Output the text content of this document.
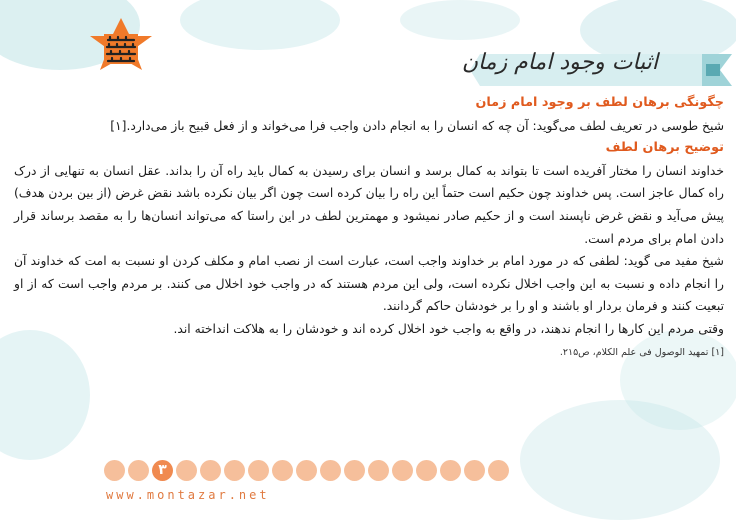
اثبات وجود امام زمان

چگونگی برهان لطف بر وجود امام زمان

شیخ طوسی در تعریف لطف می‌گوید: آن چه که انسان را به انجام دادن واجب فرا می‌خواند و از فعل قبیح باز می‌دارد.[۱]

توضیح برهان لطف

خداوند انسان را مختار آفریده است تا بتواند به کمال برسد و انسان برای رسیدن به کمال باید راه آن را بداند. عقل انسان به تنهایی از درک راه کمال عاجز است. پس خداوند چون حکیم است حتماً این راه را بیان کرده است چون اگر بیان نکرده باشد نقض غرض (از بین بردن هدف) پیش می‌آید و نقض غرض ناپسند است و از حکیم صادر نمیشود و مهمترین لطف در این راستا که می‌تواند انسان‌ها را به مقصد برساند قرار دادن امام برای مردم است.

شیخ مفید می گوید: لطفی که در مورد امام بر خداوند واجب است، عبارت است از نصب امام و مکلف کردن او نسبت به امت که خداوند آن را انجام داده و نسبت به این واجب اخلال نکرده است، ولی این مردم هستند که در واجب خود اخلال می کنند. بر مردم واجب است که از او تبعیت کنند و فرمان بردار او باشند و او را بر خودشان حاکم گردانند.

وقتی مردم این کارها را انجام ندهند، در واقع به واجب خود اخلال کرده اند و خودشان را به هلاکت انداخته اند.

[۱] تمهید الوصول فی علم الکلام، ص۲۱۵.

۳
www.montazar.net
